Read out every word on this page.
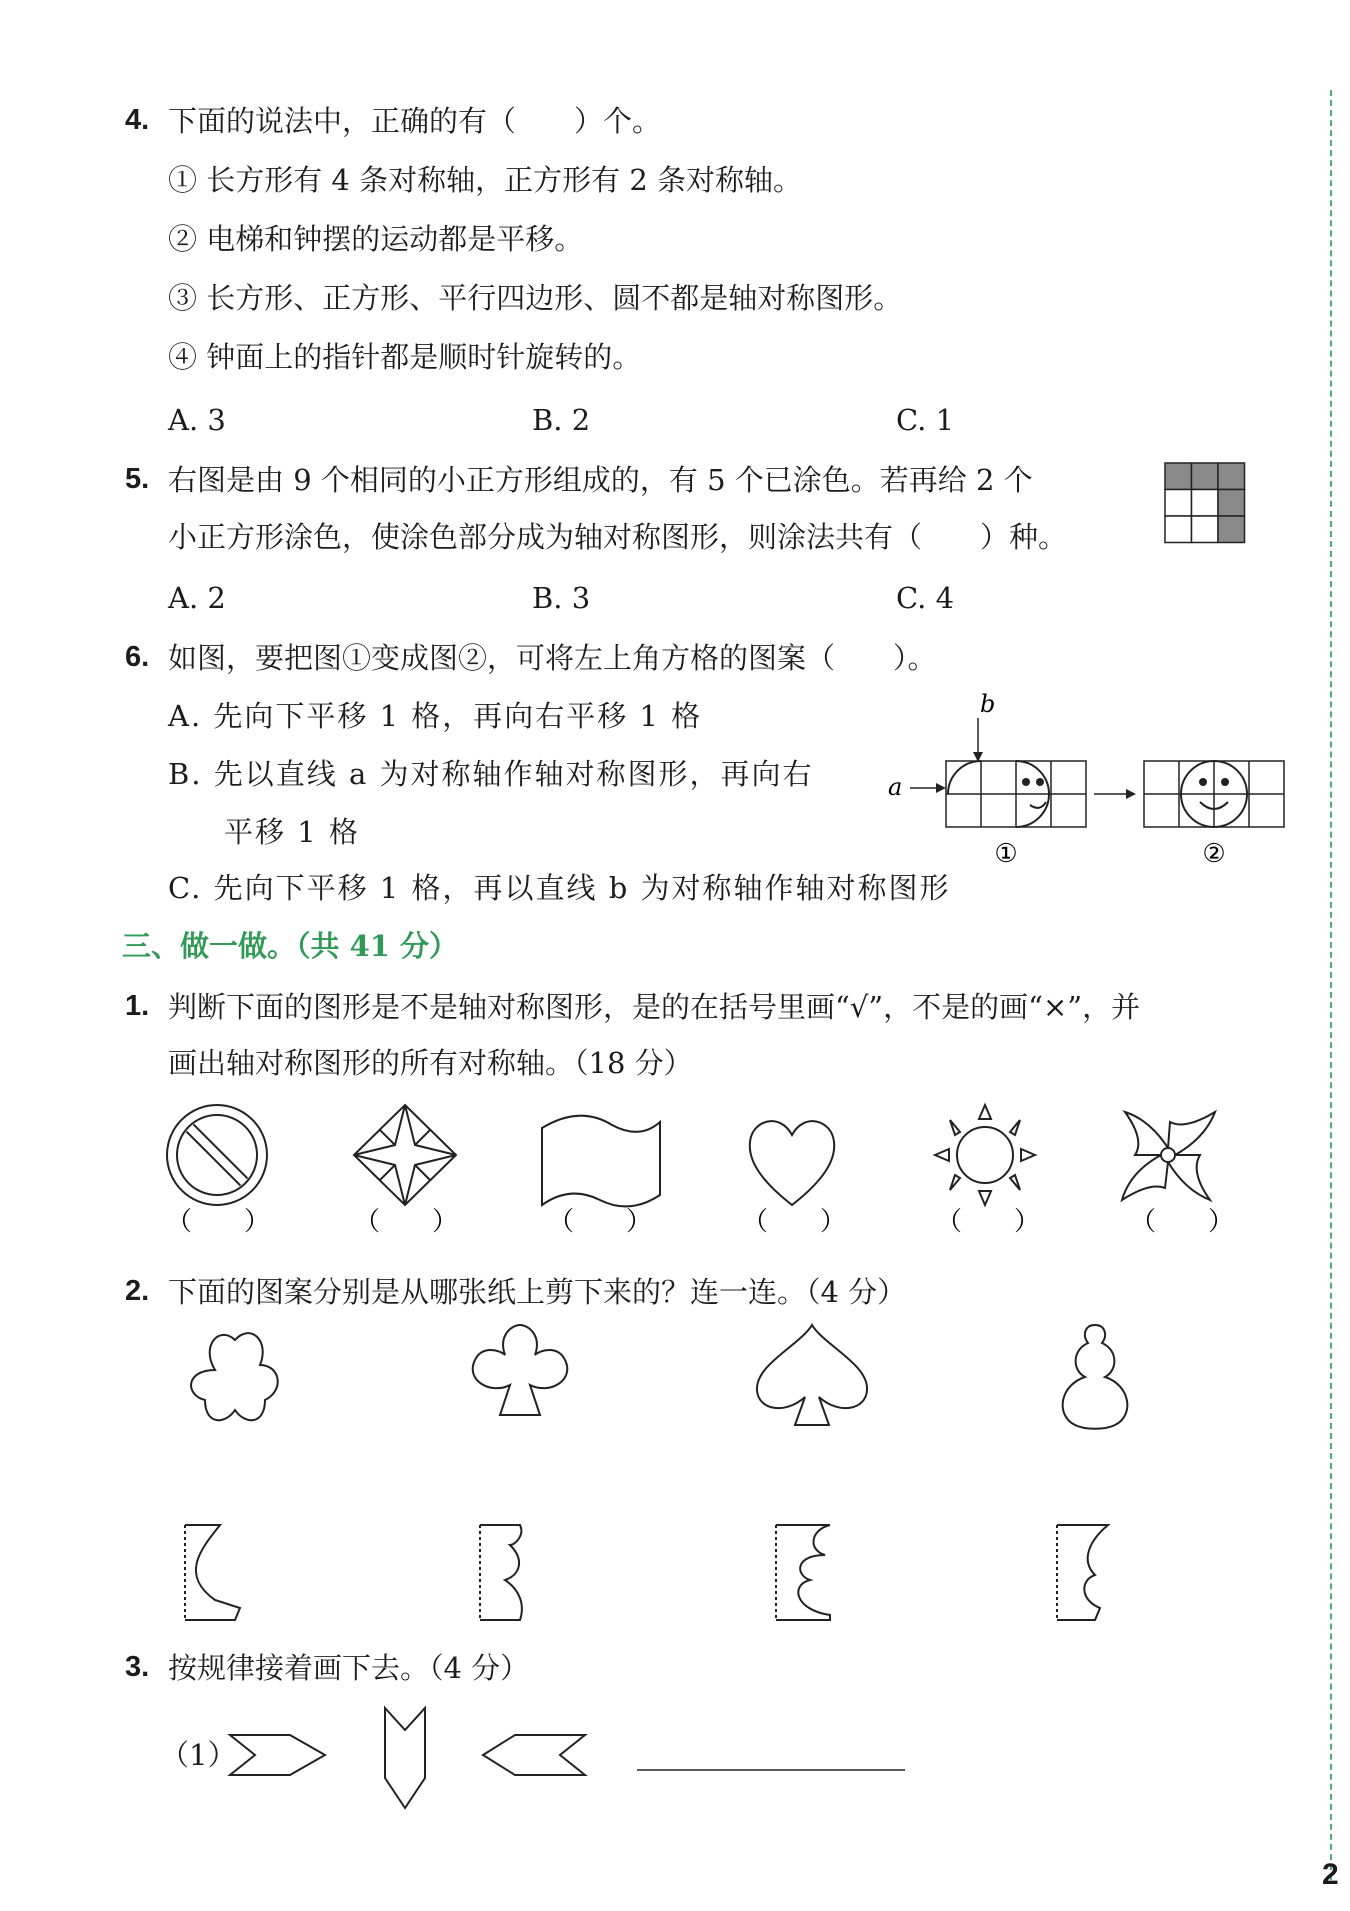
4. 下面的说法中，正确的有（　　）个。
① 长方形有 4 条对称轴，正方形有 2 条对称轴。
② 电梯和钟摆的运动都是平移。
③ 长方形、正方形、平行四边形、圆不都是轴对称图形。
④ 钟面上的指针都是顺时针旋转的。
A. 3	B. 2	C. 1
5. 右图是由 9 个相同的小正方形组成的，有 5 个已涂色。若再给 2 个
小正方形涂色，使涂色部分成为轴对称图形，则涂法共有（　　）种。
A. 2	B. 3	C. 4
6. 如图，要把图①变成图②，可将左上角方格的图案（　　）。
A. 先向下平移 1 格，再向右平移 1 格
B. 先以直线 a 为对称轴作轴对称图形，再向右
平移 1 格
C. 先向下平移 1 格，再以直线 b 为对称轴作轴对称图形
b
a
①	②
三、做一做。（共 41 分）
1. 判断下面的图形是不是轴对称图形，是的在括号里画“√”，不是的画“×”，并
画出轴对称图形的所有对称轴。（18 分）
（　　）	（　　）	（　　）	（　　）	（　　）	（　　）
2. 下面的图案分别是从哪张纸上剪下来的？连一连。（4 分）
3. 按规律接着画下去。（4 分）
（1）
2
